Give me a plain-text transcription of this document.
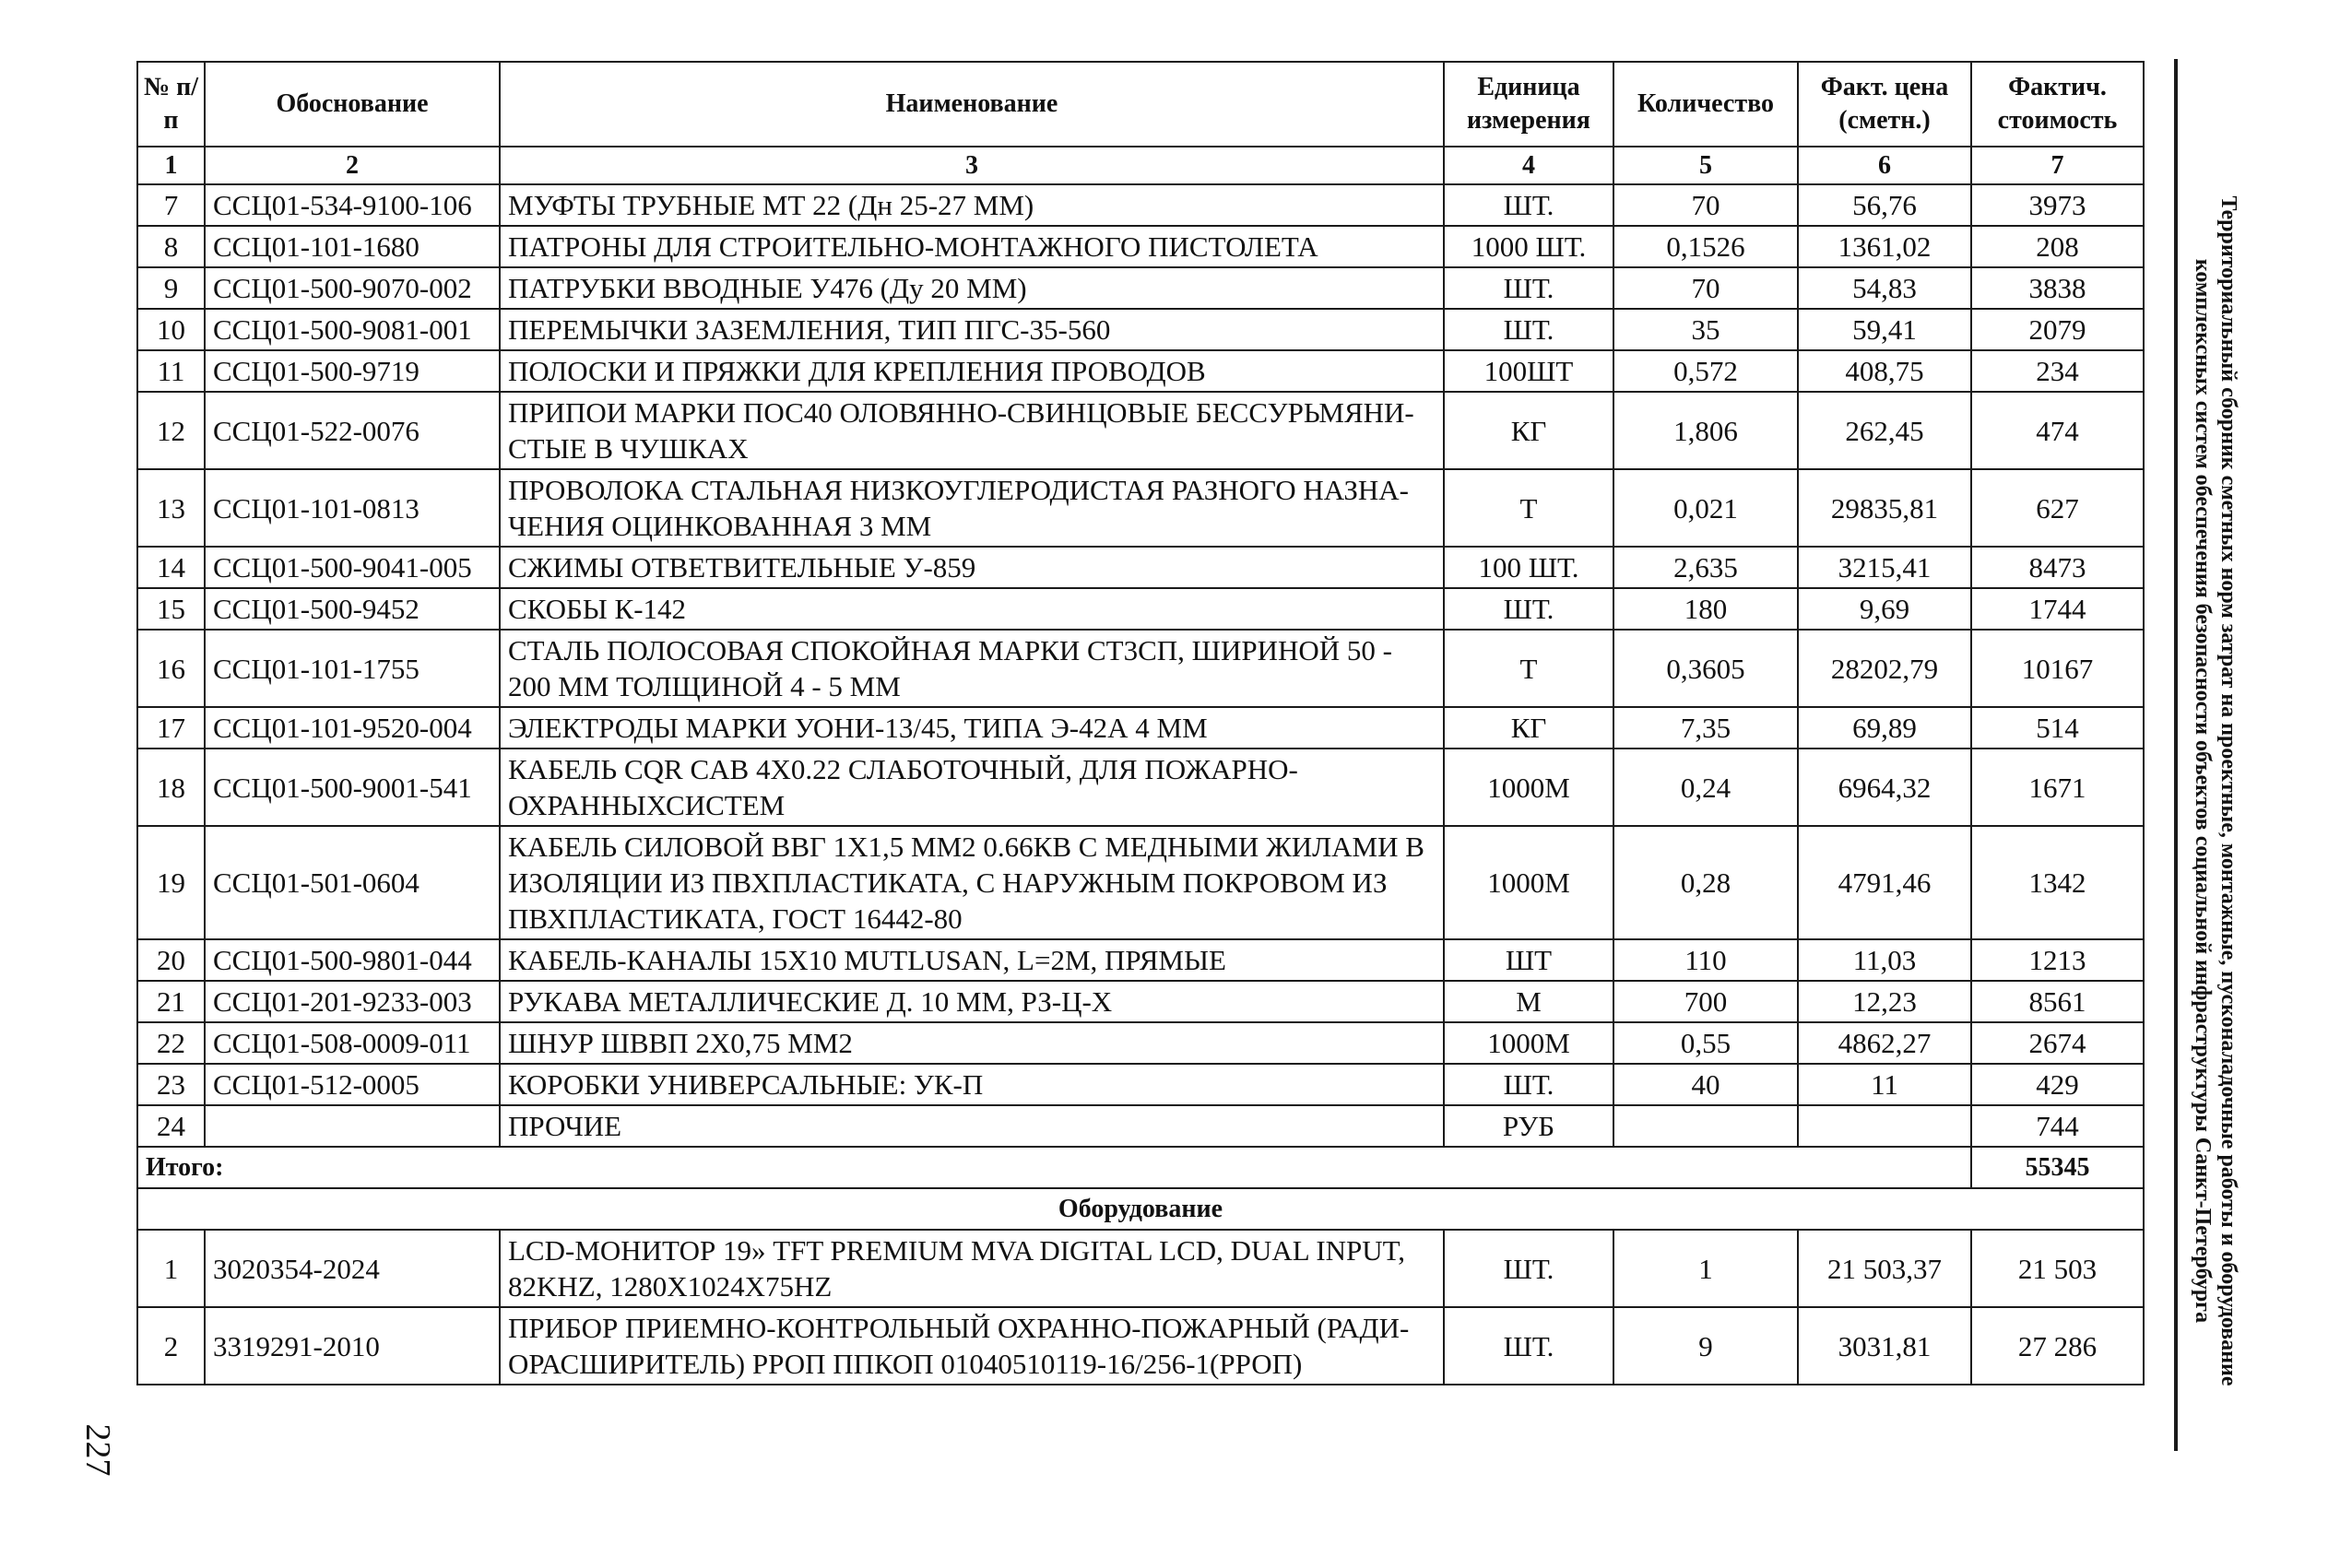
№ п/п	Обоснование	Наименование	Единица измерения	Количество	Факт. цена (сметн.)	Фактич. стоимость
1	2	3	4	5	6	7
7	ССЦ01-534-9100-106	МУФТЫ ТРУБНЫЕ МТ 22 (Дн 25-27 ММ)	ШТ.	70	56,76	3973
8	ССЦ01-101-1680	ПАТРОНЫ ДЛЯ СТРОИТЕЛЬНО-МОНТАЖНОГО ПИСТОЛЕТА	1000 ШТ.	0,1526	1361,02	208
9	ССЦ01-500-9070-002	ПАТРУБКИ ВВОДНЫЕ У476 (Ду 20 ММ)	ШТ.	70	54,83	3838
10	ССЦ01-500-9081-001	ПЕРЕМЫЧКИ ЗАЗЕМЛЕНИЯ, ТИП ПГС-35-560	ШТ.	35	59,41	2079
11	ССЦ01-500-9719	ПОЛОСКИ И ПРЯЖКИ ДЛЯ КРЕПЛЕНИЯ ПРОВОДОВ	100ШТ	0,572	408,75	234
12	ССЦ01-522-0076	ПРИПОИ МАРКИ ПОС40 ОЛОВЯННО-СВИНЦОВЫЕ БЕССУРЬМЯНИ-СТЫЕ В ЧУШКАХ	КГ	1,806	262,45	474
13	ССЦ01-101-0813	ПРОВОЛОКА СТАЛЬНАЯ НИЗКОУГЛЕРОДИСТАЯ РАЗНОГО НАЗНА-ЧЕНИЯ ОЦИНКОВАННАЯ 3 ММ	Т	0,021	29835,81	627
14	ССЦ01-500-9041-005	СЖИМЫ ОТВЕТВИТЕЛЬНЫЕ У-859	100 ШТ.	2,635	3215,41	8473
15	ССЦ01-500-9452	СКОБЫ К-142	ШТ.	180	9,69	1744
16	ССЦ01-101-1755	СТАЛЬ ПОЛОСОВАЯ СПОКОЙНАЯ МАРКИ СТ3СП, ШИРИНОЙ 50 - 200 ММ ТОЛЩИНОЙ 4 - 5 ММ	Т	0,3605	28202,79	10167
17	ССЦ01-101-9520-004	ЭЛЕКТРОДЫ МАРКИ УОНИ-13/45, ТИПА Э-42А 4 ММ	КГ	7,35	69,89	514
18	ССЦ01-500-9001-541	КАБЕЛЬ CQR CAB 4X0.22 СЛАБОТОЧНЫЙ, ДЛЯ ПОЖАРНО-ОХРАННЫХСИСТЕМ	1000М	0,24	6964,32	1671
19	ССЦ01-501-0604	КАБЕЛЬ СИЛОВОЙ ВВГ 1X1,5 ММ2 0.66КВ С МЕДНЫМИ ЖИЛАМИ В ИЗОЛЯЦИИ ИЗ ПВХПЛАСТИКАТА, С НАРУЖНЫМ ПОКРОВОМ ИЗ ПВХПЛАСТИКАТА, ГОСТ 16442-80	1000М	0,28	4791,46	1342
20	ССЦ01-500-9801-044	КАБЕЛЬ-КАНАЛЫ 15X10 MUTLUSAN, L=2M, ПРЯМЫЕ	ШТ	110	11,03	1213
21	ССЦ01-201-9233-003	РУКАВА МЕТАЛЛИЧЕСКИЕ Д. 10 ММ, РЗ-Ц-Х	М	700	12,23	8561
22	ССЦ01-508-0009-011	ШНУР ШВВП 2X0,75 ММ2	1000М	0,55	4862,27	2674
23	ССЦ01-512-0005	КОРОБКИ УНИВЕРСАЛЬНЫЕ: УК-П	ШТ.	40	11	429
24		ПРОЧИЕ	РУБ			744
Итого:						55345
Оборудование						
1	3020354-2024	LCD-МОНИТОР 19» TFT PREMIUM MVA DIGITAL LCD, DUAL INPUT, 82KHZ, 1280X1024X75HZ	ШТ.	1	21 503,37	21 503
2	3319291-2010	ПРИБОР ПРИЕМНО-КОНТРОЛЬНЫЙ ОХРАННО-ПОЖАРНЫЙ (РАДИ-ОРАСШИРИТЕЛЬ) РРОП ППКОП 01040510119-16/256-1(РРОП)	ШТ.	9	3031,81	27 286	Территориальный сборник сметных норм затрат на проектные, монтажные, пусконаладочные работы и оборудование
комплексных систем обеспечения безопасности объектов социальной инфраструктуры Санкт-Петербурга
227
